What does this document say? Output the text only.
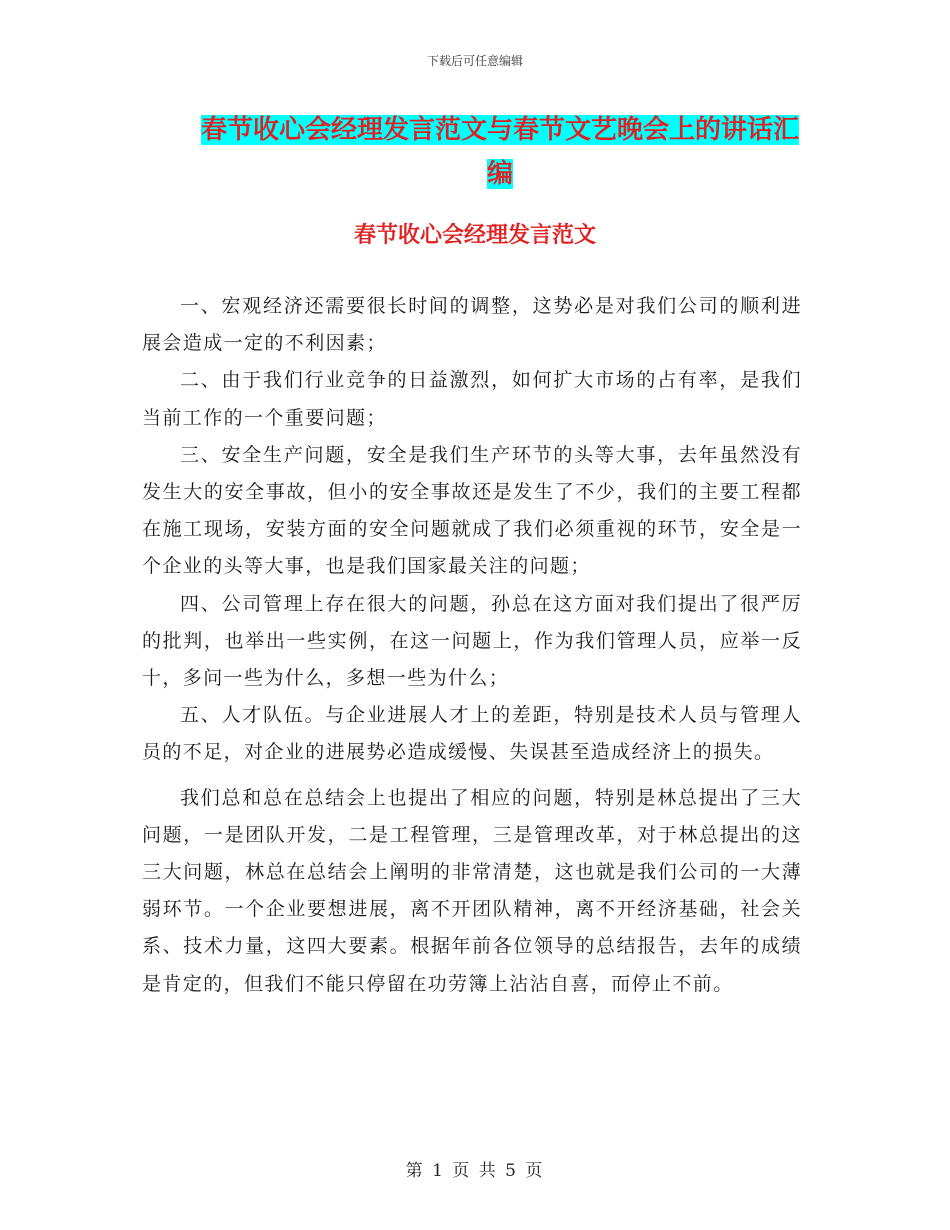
下载后可任意编辑
春节收心会经理发言范文与春节文艺晚会上的讲话汇编
春节收心会经理发言范文

一、宏观经济还需要很长时间的调整，这势必是对我们公司的顺利进展会造成一定的不利因素；

二、由于我们行业竞争的日益激烈，如何扩大市场的占有率，是我们当前工作的一个重要问题；

三、安全生产问题，安全是我们生产环节的头等大事，去年虽然没有发生大的安全事故，但小的安全事故还是发生了不少，我们的主要工程都在施工现场，安装方面的安全问题就成了我们必须重视的环节，安全是一个企业的头等大事，也是我们国家最关注的问题；

四、公司管理上存在很大的问题，孙总在这方面对我们提出了很严厉的批判，也举出一些实例，在这一问题上，作为我们管理人员，应举一反十，多问一些为什么，多想一些为什么；

五、人才队伍。与企业进展人才上的差距，特别是技术人员与管理人员的不足，对企业的进展势必造成缓慢、失误甚至造成经济上的损失。

我们总和总在总结会上也提出了相应的问题，特别是林总提出了三大问题，一是团队开发，二是工程管理，三是管理改革，对于林总提出的这三大问题，林总在总结会上阐明的非常清楚，这也就是我们公司的一大薄弱环节。一个企业要想进展，离不开团队精神，离不开经济基础，社会关系、技术力量，这四大要素。根据年前各位领导的总结报告，去年的成绩是肯定的，但我们不能只停留在功劳簿上沾沾自喜，而停止不前。

第 1 页 共 5 页
